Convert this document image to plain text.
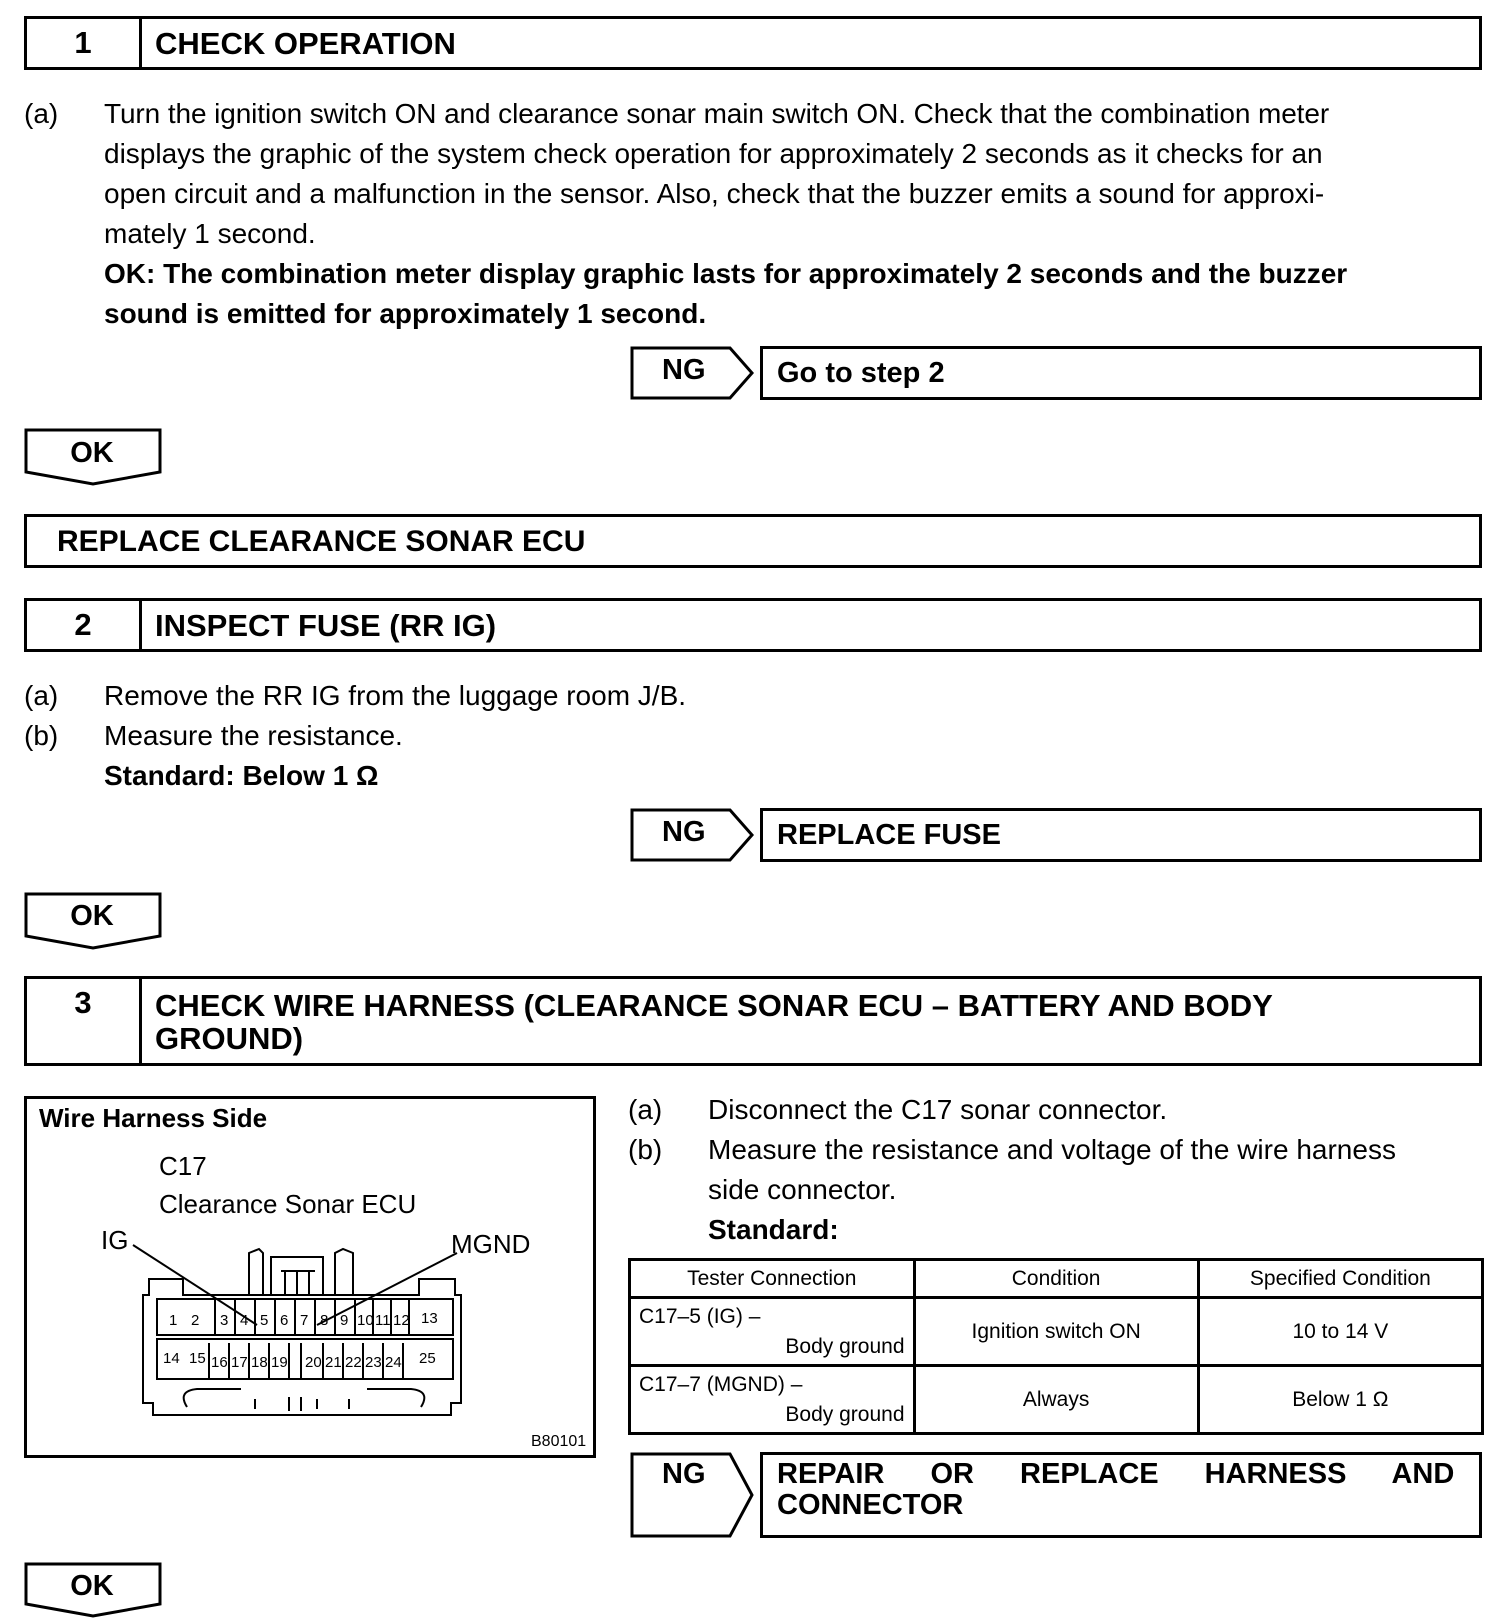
1	CHECK OPERATION
(a) Turn the ignition switch ON and clearance sonar main switch ON. Check that the combination meter
displays the graphic of the system check operation for approximately 2 seconds as it checks for an
open circuit and a malfunction in the sensor. Also, check that the buzzer emits a sound for approxi-
mately 1 second.
OK: The combination meter display graphic lasts for approximately 2 seconds and the buzzer
sound is emitted for approximately 1 second.
NG Go to step 2
OK
REPLACE CLEARANCE SONAR ECU
2	INSPECT FUSE (RR IG)
(a) Remove the RR IG from the luggage room J/B.
(b) Measure the resistance.
Standard: Below 1 Ω
NG REPLACE FUSE
OK
3	CHECK WIRE HARNESS (CLEARANCE SONAR ECU – BATTERY AND BODY
GROUND)
Wire Harness Side
C17
Clearance Sonar ECU
IG	MGND
B80101
1 2 3 4 5 6 7 8 9 10 11 12 13
14 15 16 17 18 19 20 21 22 23 24 25
(a) Disconnect the C17 sonar connector.
(b) Measure the resistance and voltage of the wire harness
side connector.
Standard:
Tester Connection	Condition	Specified Condition

C17–5 (IG) –
Body ground	Ignition switch ON	10 to 14 V

C17–7 (MGND) –
Body ground	Always	Below 1 Ω
NG REPAIR OR REPLACE HARNESS AND
CONNECTOR
OK
